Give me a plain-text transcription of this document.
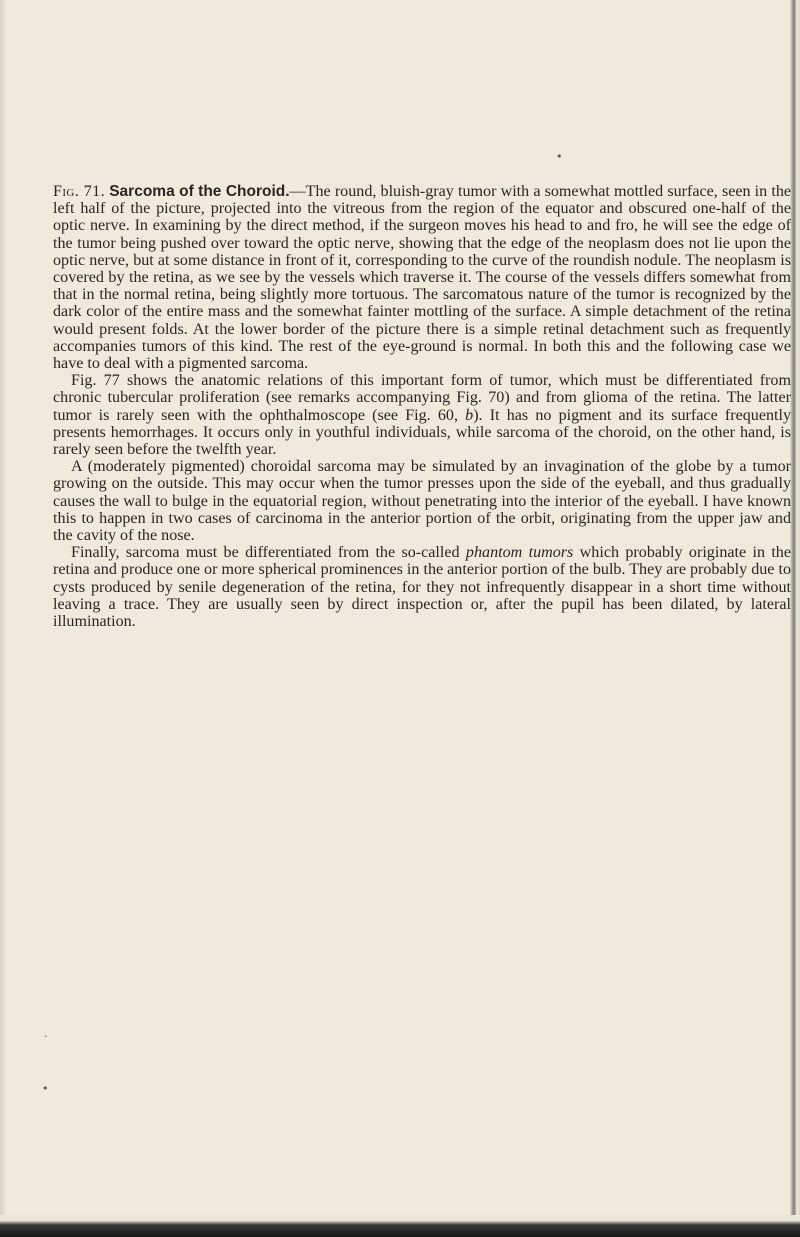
Fig. 71. Sarcoma of the Choroid.—The round, bluish-gray tumor with a somewhat mottled surface, seen in the left half of the picture, projected into the vitreous from the region of the equator and obscured one-half of the optic nerve. In examining by the direct method, if the surgeon moves his head to and fro, he will see the edge of the tumor being pushed over toward the optic nerve, showing that the edge of the neoplasm does not lie upon the optic nerve, but at some distance in front of it, corresponding to the curve of the roundish nodule. The neoplasm is covered by the retina, as we see by the vessels which traverse it. The course of the vessels differs somewhat from that in the normal retina, being slightly more tortuous. The sarcomatous nature of the tumor is recognized by the dark color of the entire mass and the somewhat fainter mottling of the surface. A simple detachment of the retina would present folds. At the lower border of the picture there is a simple retinal detachment such as frequently accompanies tumors of this kind. The rest of the eye-ground is normal. In both this and the following case we have to deal with a pigmented sarcoma.

Fig. 77 shows the anatomic relations of this important form of tumor, which must be differentiated from chronic tubercular proliferation (see remarks accompanying Fig. 70) and from glioma of the retina. The latter tumor is rarely seen with the ophthalmoscope (see Fig. 60, b). It has no pigment and its surface frequently presents hemorrhages. It occurs only in youthful individuals, while sarcoma of the choroid, on the other hand, is rarely seen before the twelfth year.

A (moderately pigmented) choroidal sarcoma may be simulated by an invagination of the globe by a tumor growing on the outside. This may occur when the tumor presses upon the side of the eyeball, and thus gradually causes the wall to bulge in the equatorial region, without penetrating into the interior of the eyeball. I have known this to happen in two cases of carcinoma in the anterior portion of the orbit, originating from the upper jaw and the cavity of the nose.

Finally, sarcoma must be differentiated from the so-called phantom tumors which probably originate in the retina and produce one or more spherical prominences in the anterior portion of the bulb. They are probably due to cysts produced by senile degeneration of the retina, for they not infrequently disappear in a short time without leaving a trace. They are usually seen by direct inspection or, after the pupil has been dilated, by lateral illumination.

•
•
·
